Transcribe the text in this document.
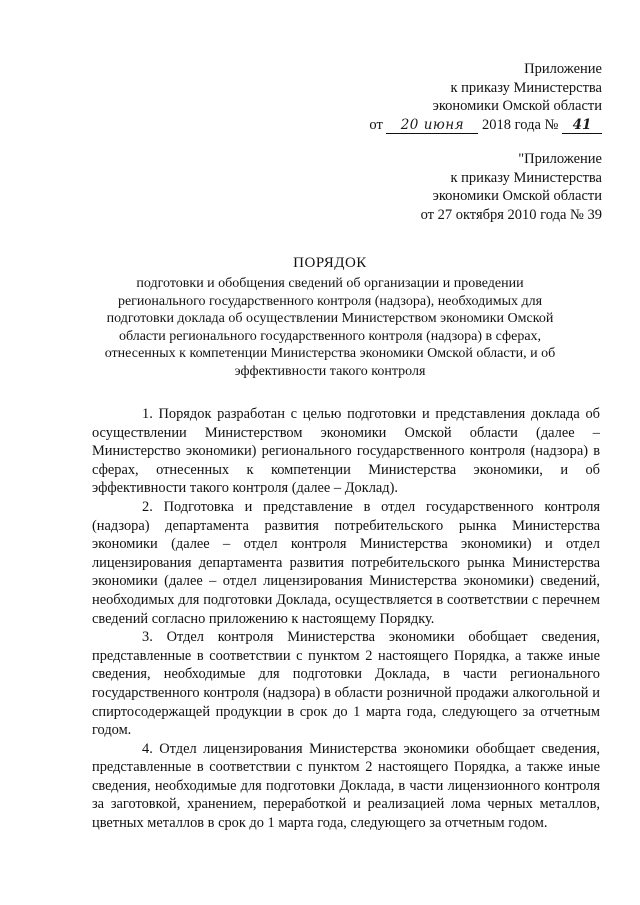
Приложение
к приказу Министерства
экономики Омской области
от 20 июня 2018 года № 41
"Приложение
к приказу Министерства
экономики Омской области
от 27 октября 2010 года № 39
ПОРЯДОК
подготовки и обобщения сведений об организации и проведении регионального государственного контроля (надзора), необходимых для подготовки доклада об осуществлении Министерством экономики Омской области регионального государственного контроля (надзора) в сферах, отнесенных к компетенции Министерства экономики Омской области, и об эффективности такого контроля

1. Порядок разработан с целью подготовки и представления доклада об осуществлении Министерством экономики Омской области (далее – Министерство экономики) регионального государственного контроля (надзора) в сферах, отнесенных к компетенции Министерства экономики, и об эффективности такого контроля (далее – Доклад).

2. Подготовка и представление в отдел государственного контроля (надзора) департамента развития потребительского рынка Министерства экономики (далее – отдел контроля Министерства экономики) и отдел лицензирования департамента развития потребительского рынка Министерства экономики (далее – отдел лицензирования Министерства экономики) сведений, необходимых для подготовки Доклада, осуществляется в соответствии с перечнем сведений согласно приложению к настоящему Порядку.

3. Отдел контроля Министерства экономики обобщает сведения, представленные в соответствии с пунктом 2 настоящего Порядка, а также иные сведения, необходимые для подготовки Доклада, в части регионального государственного контроля (надзора) в области розничной продажи алкогольной и спиртосодержащей продукции в срок до 1 марта года, следующего за отчетным годом.

4. Отдел лицензирования Министерства экономики обобщает сведения, представленные в соответствии с пунктом 2 настоящего Порядка, а также иные сведения, необходимые для подготовки Доклада, в части лицензионного контроля за заготовкой, хранением, переработкой и реализацией лома черных металлов, цветных металлов в срок до 1 марта года, следующего за отчетным годом.
